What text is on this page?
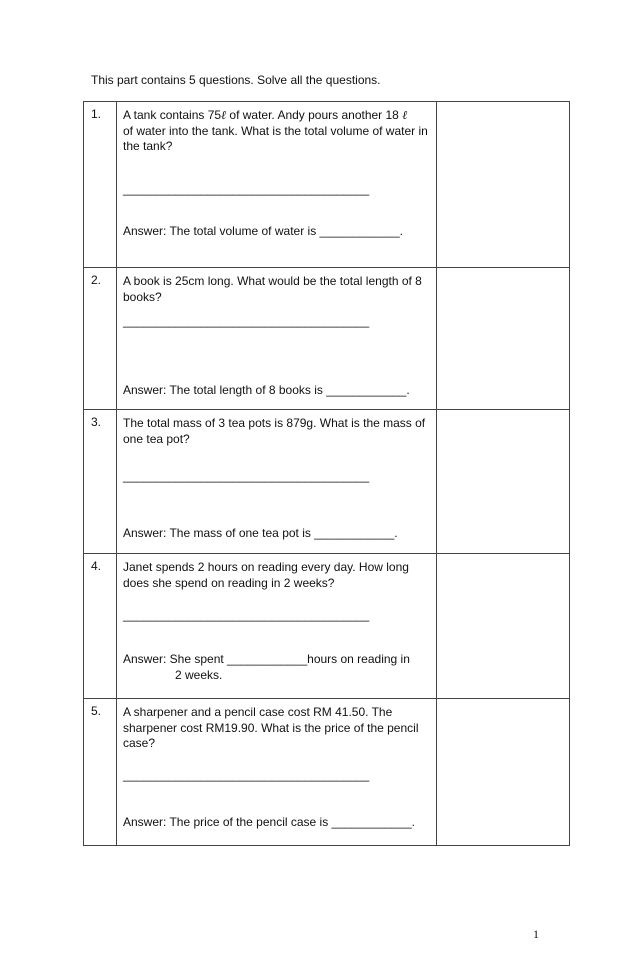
This part contains 5 questions. Solve all the questions.
1.	A tank contains 75ℓ of water. Andy pours another 18 ℓ
of water into the tank. What is the total volume of water in the tank?
______________________________________
Answer: The total volume of water is ____________.	

2.	A book is 25cm long. What would be the total length of 8 books?
______________________________________
Answer: The total length of 8 books is ____________.	

3.	The total mass of 3 tea pots is 879g. What is the mass of one tea pot?
______________________________________
Answer: The mass of one tea pot is ____________.	

4.	Janet spends 2 hours on reading every day. How long does she spend on reading in 2 weeks?
______________________________________
Answer: She spent ____________hours on reading in
2 weeks.	

5.	A sharpener and a pencil case cost RM 41.50. The sharpener cost RM19.90. What is the price of the pencil case?
______________________________________
Answer: The price of the pencil case is ____________.	

1
